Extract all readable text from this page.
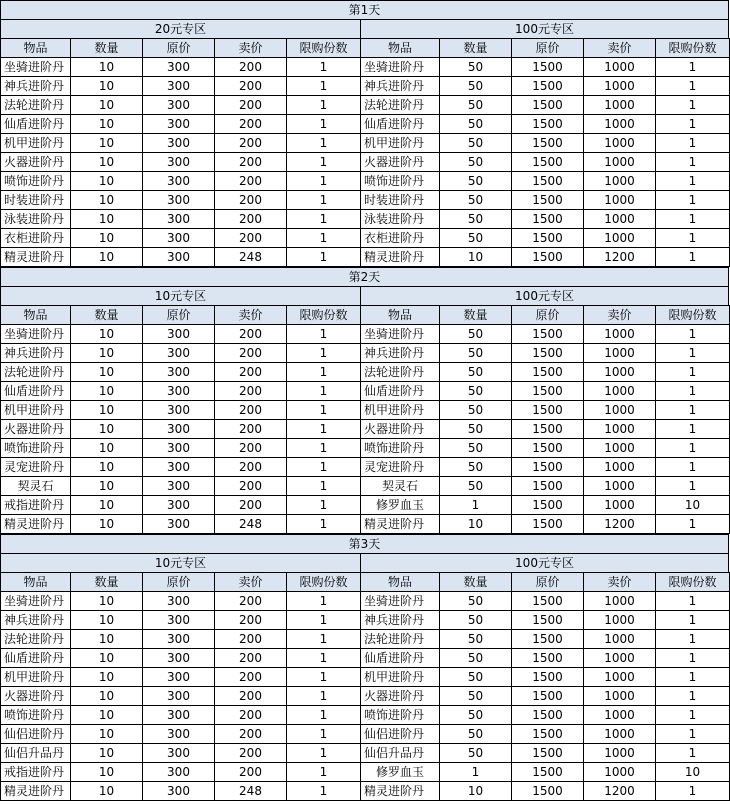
第1天
20元专区
物品	数量	原价	卖价	限购份数
坐骑进阶丹	10	300	200	1
神兵进阶丹	10	300	200	1
法轮进阶丹	10	300	200	1
仙盾进阶丹	10	300	200	1
机甲进阶丹	10	300	200	1
火器进阶丹	10	300	200	1
喷饰进阶丹	10	300	200	1
时装进阶丹	10	300	200	1
泳装进阶丹	10	300	200	1
衣柜进阶丹	10	300	200	1
精灵进阶丹	10	300	248	1
100元专区
物品	数量	原价	卖价	限购份数
坐骑进阶丹	50	1500	1000	1
神兵进阶丹	50	1500	1000	1
法轮进阶丹	50	1500	1000	1
仙盾进阶丹	50	1500	1000	1
机甲进阶丹	50	1500	1000	1
火器进阶丹	50	1500	1000	1
喷饰进阶丹	50	1500	1000	1
时装进阶丹	50	1500	1000	1
泳装进阶丹	50	1500	1000	1
衣柜进阶丹	50	1500	1000	1
精灵进阶丹	10	1500	1200	1
第2天
10元专区
物品	数量	原价	卖价	限购份数
坐骑进阶丹	10	300	200	1
神兵进阶丹	10	300	200	1
法轮进阶丹	10	300	200	1
仙盾进阶丹	10	300	200	1
机甲进阶丹	10	300	200	1
火器进阶丹	10	300	200	1
喷饰进阶丹	10	300	200	1
灵宠进阶丹	10	300	200	1
契灵石	10	300	200	1
戒指进阶丹	10	300	200	1
精灵进阶丹	10	300	248	1
100元专区
物品	数量	原价	卖价	限购份数
坐骑进阶丹	50	1500	1000	1
神兵进阶丹	50	1500	1000	1
法轮进阶丹	50	1500	1000	1
仙盾进阶丹	50	1500	1000	1
机甲进阶丹	50	1500	1000	1
火器进阶丹	50	1500	1000	1
喷饰进阶丹	50	1500	1000	1
灵宠进阶丹	50	1500	1000	1
契灵石	50	1500	1000	1
修罗血玉	1	1500	1000	10
精灵进阶丹	10	1500	1200	1
第3天
10元专区
物品	数量	原价	卖价	限购份数
坐骑进阶丹	10	300	200	1
神兵进阶丹	10	300	200	1
法轮进阶丹	10	300	200	1
仙盾进阶丹	10	300	200	1
机甲进阶丹	10	300	200	1
火器进阶丹	10	300	200	1
喷饰进阶丹	10	300	200	1
仙侣进阶丹	10	300	200	1
仙侣升品丹	10	300	200	1
戒指进阶丹	10	300	200	1
精灵进阶丹	10	300	248	1
100元专区
物品	数量	原价	卖价	限购份数
坐骑进阶丹	50	1500	1000	1
神兵进阶丹	50	1500	1000	1
法轮进阶丹	50	1500	1000	1
仙盾进阶丹	50	1500	1000	1
机甲进阶丹	50	1500	1000	1
火器进阶丹	50	1500	1000	1
喷饰进阶丹	50	1500	1000	1
仙侣进阶丹	50	1500	1000	1
仙侣升品丹	50	1500	1000	1
修罗血玉	1	1500	1000	10
精灵进阶丹	10	1500	1200	1
